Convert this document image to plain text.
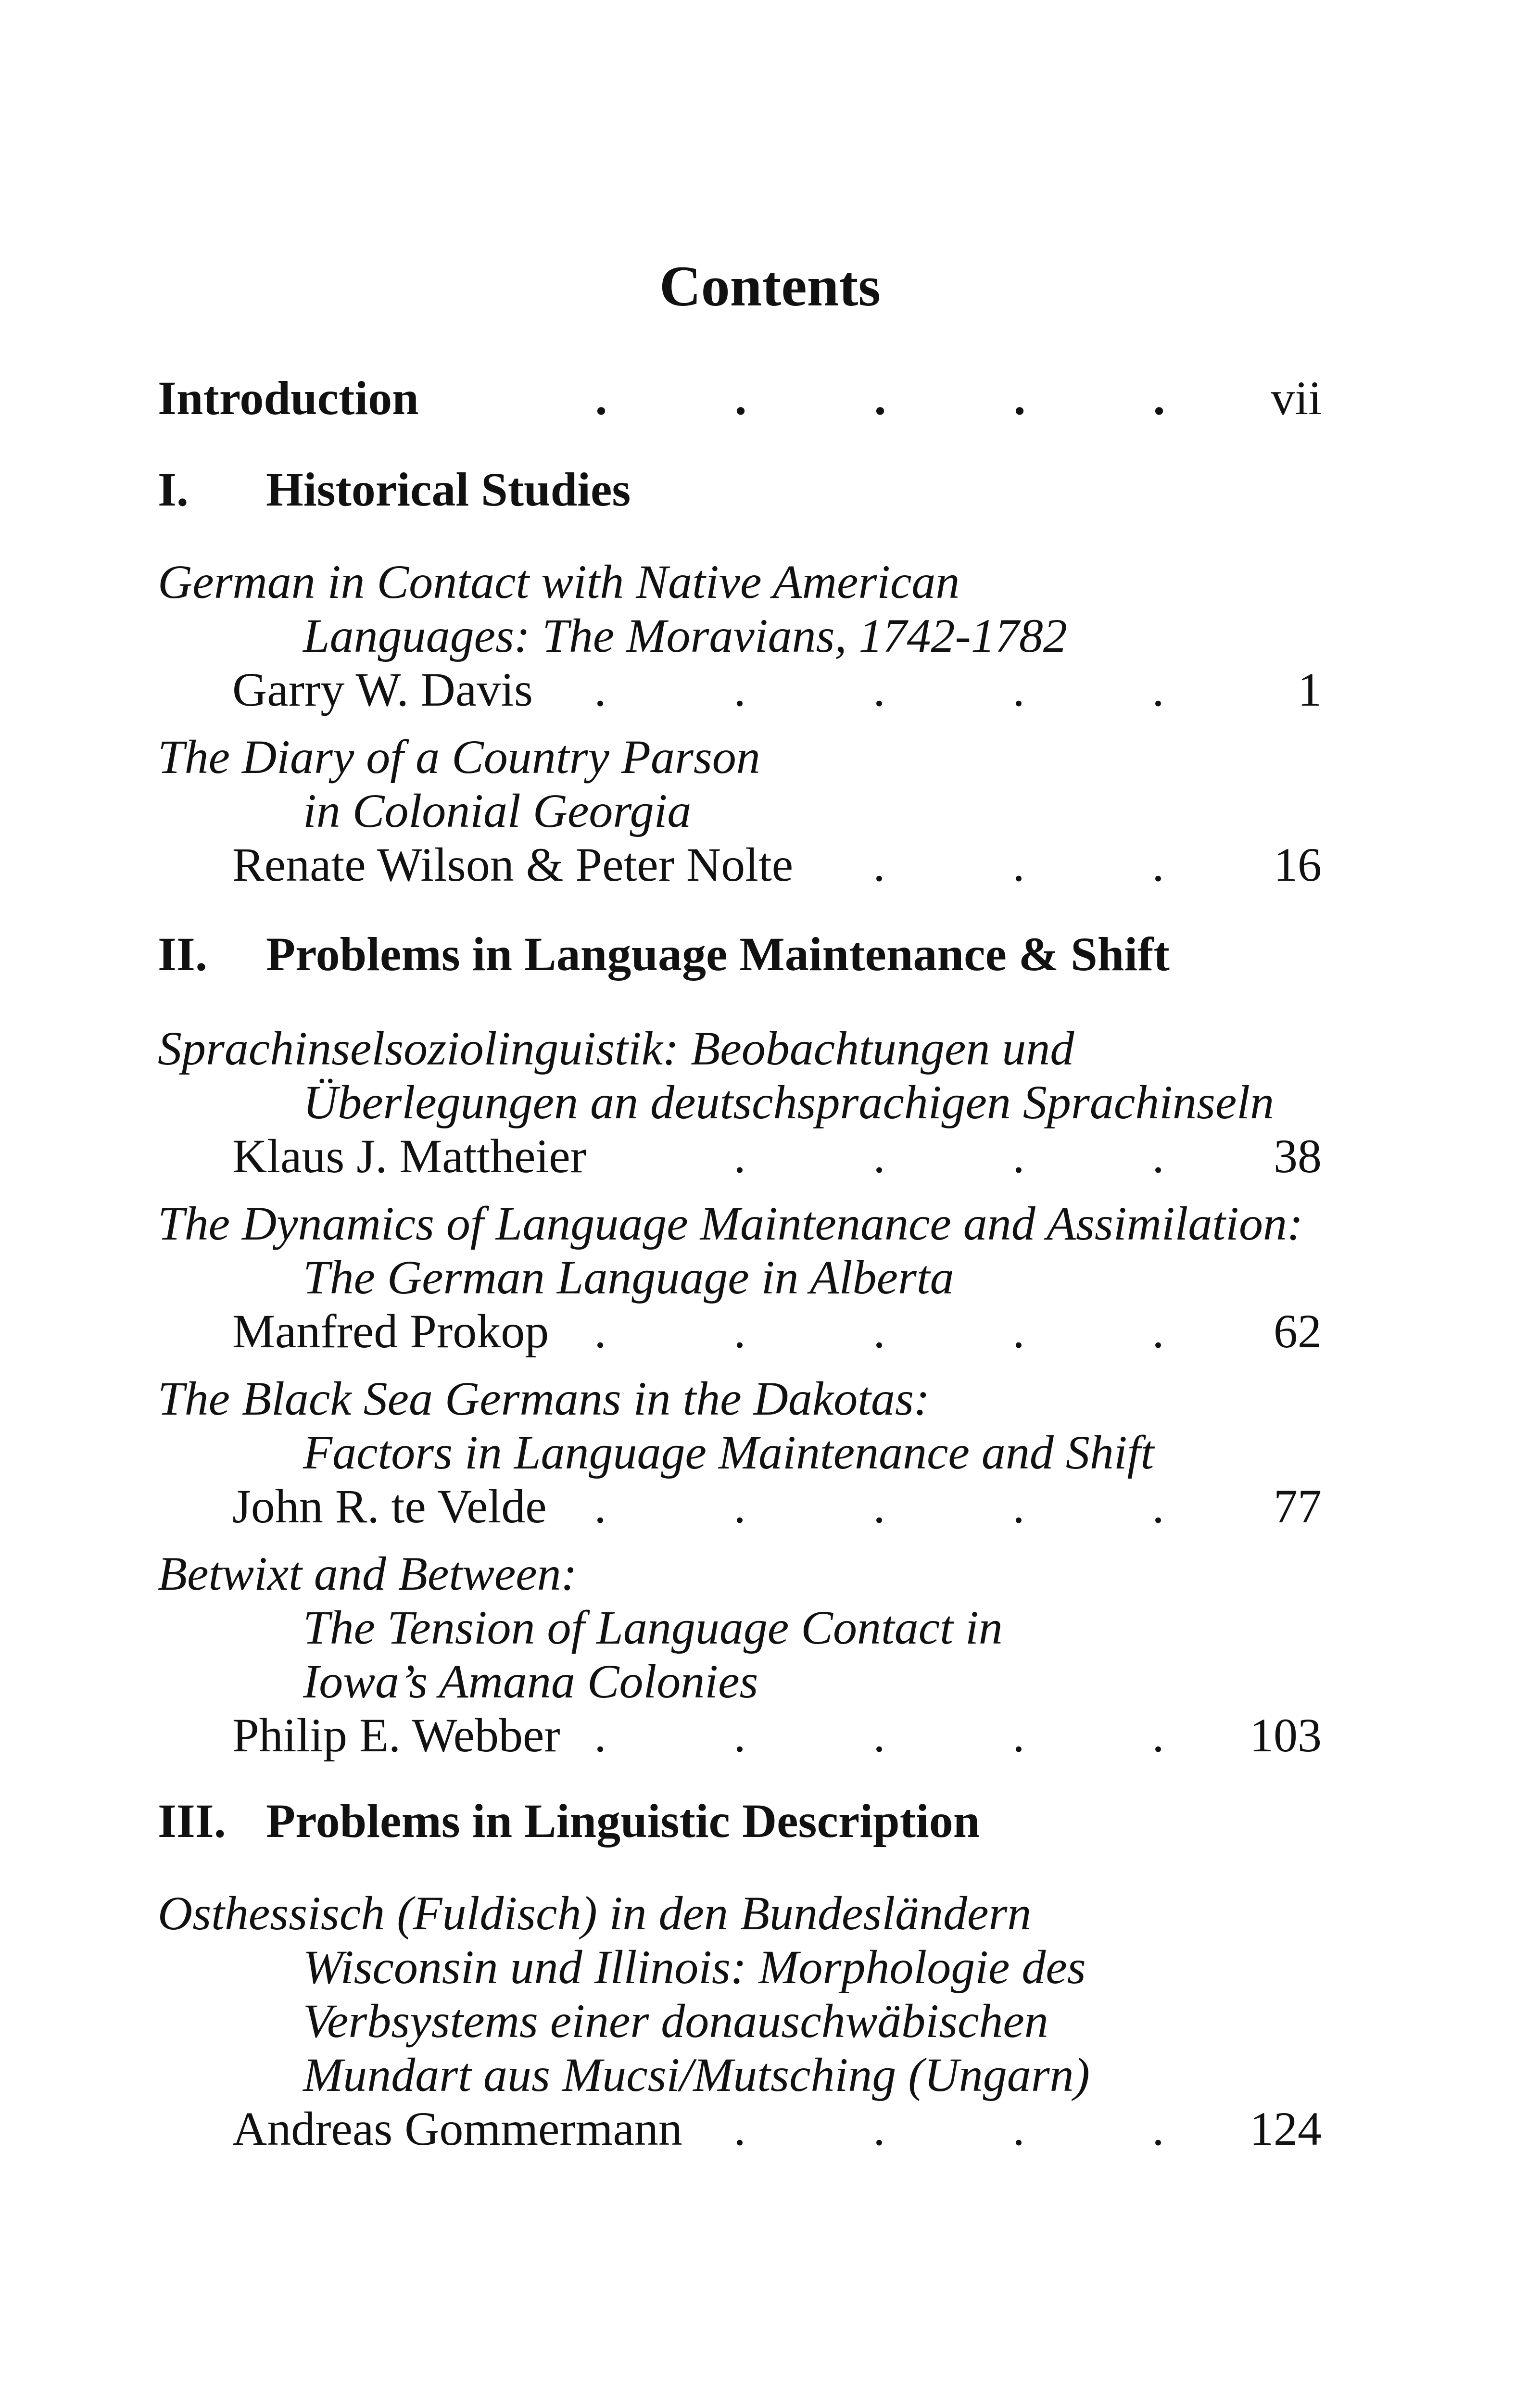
Contents
Introduction	.	.	.	.	. vii
I. Historical Studies
German in Contact with Native American
Languages: The Moravians, 1742-1782
Garry W. Davis .	.	.	.	.	1
The Diary of a Country Parson
in Colonial Georgia
Renate Wilson & Peter Nolte .	.	. 16
II. Problems in Language Maintenance & Shift
Sprachinselsoziolinguistik: Beobachtungen und
Überlegungen an deutschsprachigen Sprachinseln
Klaus J. Mattheier	.	.	.	. 38
The Dynamics of Language Maintenance and Assimilation:
The German Language in Alberta
Manfred Prokop .	.	.	.	. 62
The Black Sea Germans in the Dakotas:
Factors in Language Maintenance and Shift
John R. te Velde .	.	.	.	. 77
Betwixt and Between:
The Tension of Language Contact in
Iowa’s Amana Colonies
Philip E. Webber .	.	.	.	. 103
III. Problems in Linguistic Description
Osthessisch (Fuldisch) in den Bundesländern
Wisconsin und Illinois: Morphologie des
Verbsystems einer donauschwäbischen
Mundart aus Mucsi/Mutsching (Ungarn)
Andreas Gommermann .	.	.	. 124
